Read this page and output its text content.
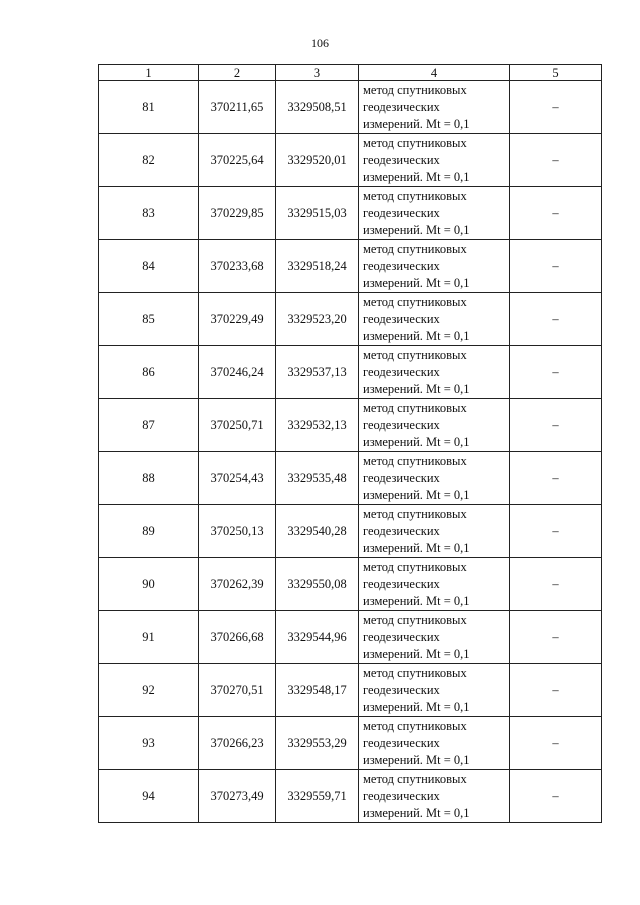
106
1	2	3	4	5
81	370211,65	3329508,51	метод спутниковых
геодезических
измерений. Mt = 0,1	–
82	370225,64	3329520,01	метод спутниковых
геодезических
измерений. Mt = 0,1	–
83	370229,85	3329515,03	метод спутниковых
геодезических
измерений. Mt = 0,1	–
84	370233,68	3329518,24	метод спутниковых
геодезических
измерений. Mt = 0,1	–
85	370229,49	3329523,20	метод спутниковых
геодезических
измерений. Mt = 0,1	–
86	370246,24	3329537,13	метод спутниковых
геодезических
измерений. Mt = 0,1	–
87	370250,71	3329532,13	метод спутниковых
геодезических
измерений. Mt = 0,1	–
88	370254,43	3329535,48	метод спутниковых
геодезических
измерений. Mt = 0,1	–
89	370250,13	3329540,28	метод спутниковых
геодезических
измерений. Mt = 0,1	–
90	370262,39	3329550,08	метод спутниковых
геодезических
измерений. Mt = 0,1	–
91	370266,68	3329544,96	метод спутниковых
геодезических
измерений. Mt = 0,1	–
92	370270,51	3329548,17	метод спутниковых
геодезических
измерений. Mt = 0,1	–
93	370266,23	3329553,29	метод спутниковых
геодезических
измерений. Mt = 0,1	–
94	370273,49	3329559,71	метод спутниковых
геодезических
измерений. Mt = 0,1	–
